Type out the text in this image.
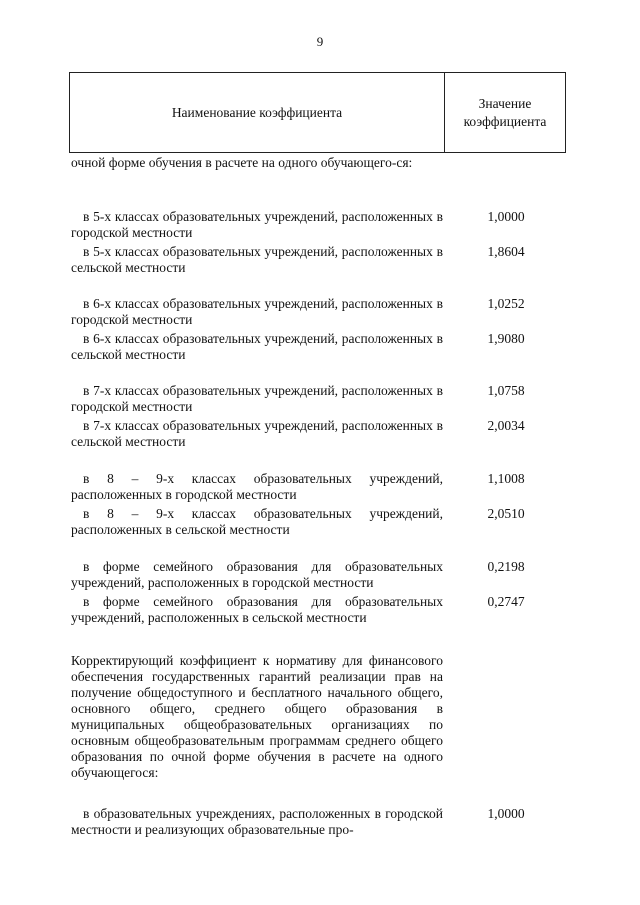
9
Наименование коэффициента
Значение коэффициента
очной форме обучения в расчете на одного обучающего-ся:
в 5-х классах образовательных учреждений, расположенных в городской местности
1,0000
в 5-х классах образовательных учреждений, расположенных в сельской местности
1,8604
в 6-х классах образовательных учреждений, расположенных в городской местности
1,0252
в 6-х классах образовательных учреждений, расположенных в сельской местности
1,9080
в 7-х классах образовательных учреждений, расположенных в городской местности
1,0758
в 7-х классах образовательных учреждений, расположенных в сельской местности
2,0034
в 8 – 9-х классах образовательных учреждений, расположенных в городской местности
1,1008
в 8 – 9-х классах образовательных учреждений, расположенных в сельской местности
2,0510
в форме семейного образования для образовательных учреждений, расположенных в городской местности
0,2198
в форме семейного образования для образовательных учреждений, расположенных в сельской местности
0,2747
Корректирующий коэффициент к нормативу для финансового обеспечения государственных гарантий реализации прав на получение общедоступного и бесплатного начального общего, основного общего, среднего общего образования в муниципальных общеобразовательных организациях по основным общеобразовательным программам среднего общего образования по очной форме обучения в расчете на одного обучающегося:
в образовательных учреждениях, расположенных в городской местности и реализующих образовательные про-
1,0000
